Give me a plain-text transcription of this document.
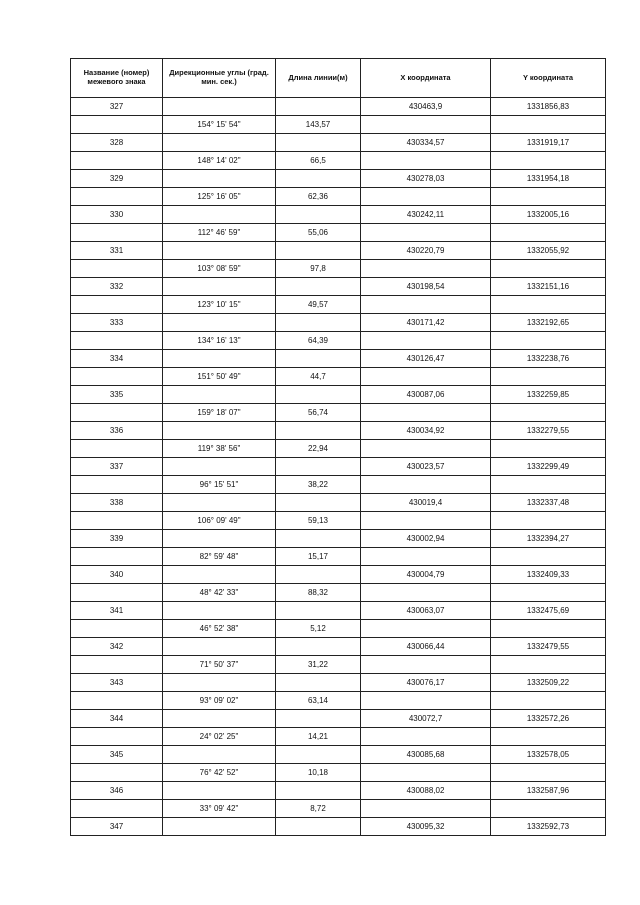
Название (номер) межевого знака	Дирекционные углы (град. мин. сек.)	Длина линии(м)	X координата	Y координата
327			430463,9	1331856,83
	154° 15' 54"	143,57		
328			430334,57	1331919,17
	148° 14' 02"	66,5		
329			430278,03	1331954,18
	125° 16' 05"	62,36		
330			430242,11	1332005,16
	112° 46' 59"	55,06		
331			430220,79	1332055,92
	103° 08' 59"	97,8		
332			430198,54	1332151,16
	123° 10' 15"	49,57		
333			430171,42	1332192,65
	134° 16' 13"	64,39		
334			430126,47	1332238,76
	151° 50' 49"	44,7		
335			430087,06	1332259,85
	159° 18' 07"	56,74		
336			430034,92	1332279,55
	119° 38' 56"	22,94		
337			430023,57	1332299,49
	96° 15' 51"	38,22		
338			430019,4	1332337,48
	106° 09' 49"	59,13		
339			430002,94	1332394,27
	82° 59' 48"	15,17		
340			430004,79	1332409,33
	48° 42' 33"	88,32		
341			430063,07	1332475,69
	46° 52' 38"	5,12		
342			430066,44	1332479,55
	71° 50' 37"	31,22		
343			430076,17	1332509,22
	93° 09' 02"	63,14		
344			430072,7	1332572,26
	24° 02' 25"	14,21		
345			430085,68	1332578,05
	76° 42' 52"	10,18		
346			430088,02	1332587,96
	33° 09' 42"	8,72		
347			430095,32	1332592,73
